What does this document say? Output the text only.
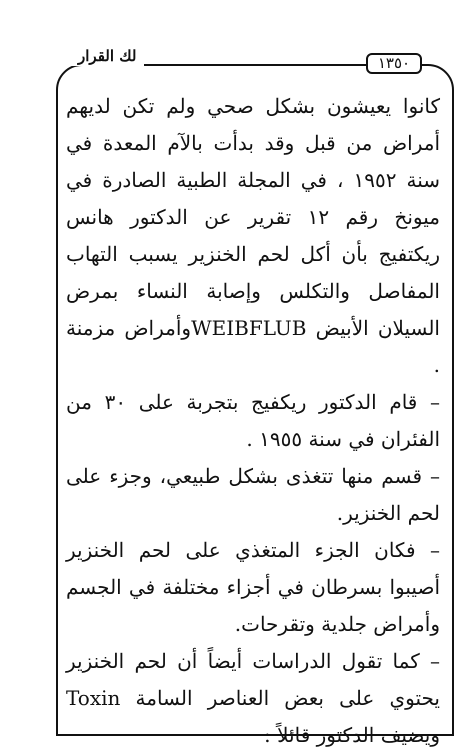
لك القرار	١٣٥٠

كانوا يعيشون بشكل صحي ولم تكن لديهم أمراض من قبل وقد بدأت بالآم المعدة في سنة ١٩٥٢ ، في المجلة الطبية الصادرة في ميونخ رقم ١٢ تقرير عن الدكتور هانس ريكتفيج بأن أكل لحم الخنزير يسبب التهاب المفاصل والتكلس وإصابة النساء بمرض السيلان الأبيض WEIBFLUBوأمراض مزمنة .

– قام الدكتور ريكفيج بتجربة على ٣٠ من الفئران في سنة ١٩٥٥ .

– قسم منها تتغذى بشكل طبيعي، وجزء على لحم الخنزير.

– فكان الجزء المتغذي على لحم الخنزير أصيبوا بسرطان في أجزاء مختلفة في الجسم وأمراض جلدية وتقرحات.

– كما تقول الدراسات أيضاً أن لحم الخنزير يحتوي على بعض العناصر السامة Toxin ويضيف الدكتور قائلاً :
